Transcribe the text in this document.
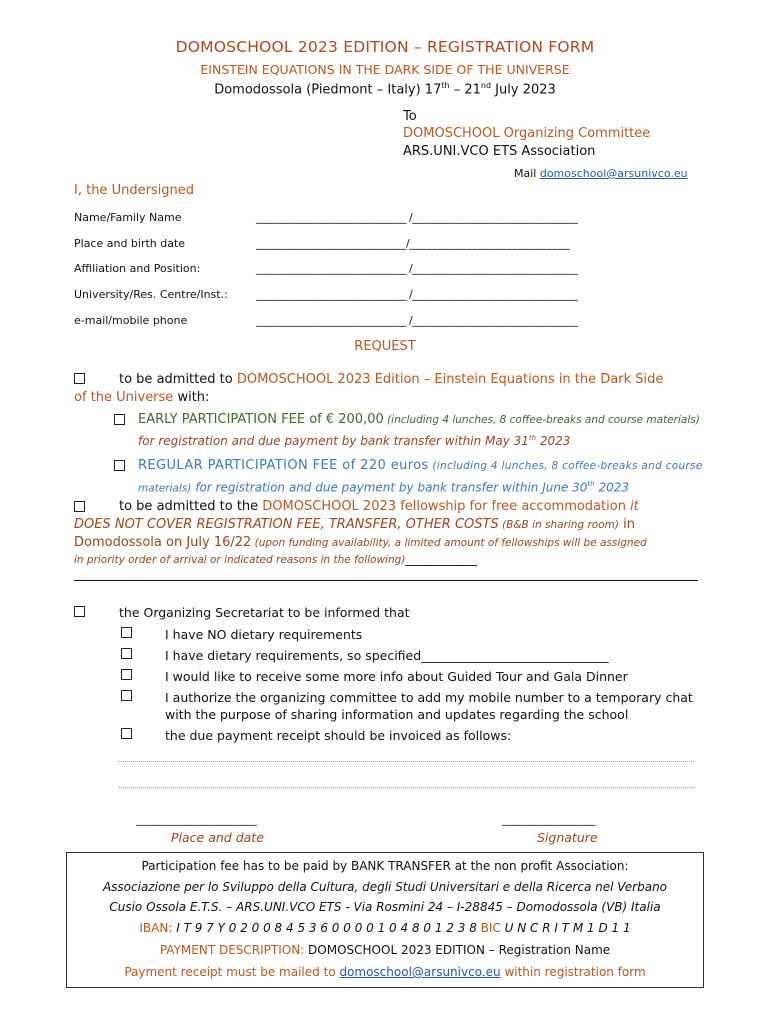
DOMOSCHOOL 2023 EDITION – REGISTRATION FORM
EINSTEIN EQUATIONS IN THE DARK SIDE OF THE UNIVERSE
Domodossola (Piedmont – Italy) 17th – 21nd July 2023
To
DOMOSCHOOL Organizing Committee
ARS.UNI.VCO ETS Association
Mail domoschool@arsunivco.eu
I, the Undersigned
Name/Family Name	______________________________ /_________________________________
Place and birth date	______________________________/________________________________
Affiliation and Position:	______________________________ /_________________________________
University/Res. Centre/Inst.:	______________________________ /_________________________________
e-mail/mobile phone	______________________________ /_________________________________
REQUEST
to be admitted to DOMOSCHOOL 2023 Edition – Einstein Equations in the Dark Side
of the Universe with:
EARLY PARTICIPATION FEE of € 200,00 (including 4 lunches, 8 coffee-breaks and course materials)
for registration and due payment by bank transfer within May 31th 2023
REGULAR PARTICIPATION FEE of 220 euros (including 4 lunches, 8 coffee-breaks and course
materials) for registration and due payment by bank transfer within June 30th 2023
to be admitted to the DOMOSCHOOL 2023 fellowship for free accommodation it
DOES NOT COVER REGISTRATION FEE, TRANSFER, OTHER COSTS (B&B in sharing room) in
Domodossola on July 16/22 (upon funding availability, a limited amount of fellowships will be assigned
in priority order of arrival or indicated reasons in the following)___________
the Organizing Secretariat to be informed that
I have NO dietary requirements
I have dietary requirements, so specified______________________________
I would like to receive some more info about Guided Tour and Gala Dinner
I authorize the organizing committee to add my mobile number to a temporary chat
with the purpose of sharing information and updates regarding the school
the due payment receipt should be invoiced as follows:
______________________
Place and date
_________________
Signature
Participation fee has to be paid by BANK TRANSFER at the non profit Association:
Associazione per lo Sviluppo della Cultura, degli Studi Universitari e della Ricerca nel Verbano
Cusio Ossola E.T.S. – ARS.UNI.VCO ETS - Via Rosmini 24 – I-28845 – Domodossola (VB) Italia
IBAN: I T 9 7 Y 0 2 0 0 8 4 5 3 6 0 0 0 0 1 0 4 8 0 1 2 3 8 BIC U N C R I T M 1 D 1 1
PAYMENT DESCRIPTION: DOMOSCHOOL 2023 EDITION – Registration Name
Payment receipt must be mailed to domoschool@arsunivco.eu within registration form
